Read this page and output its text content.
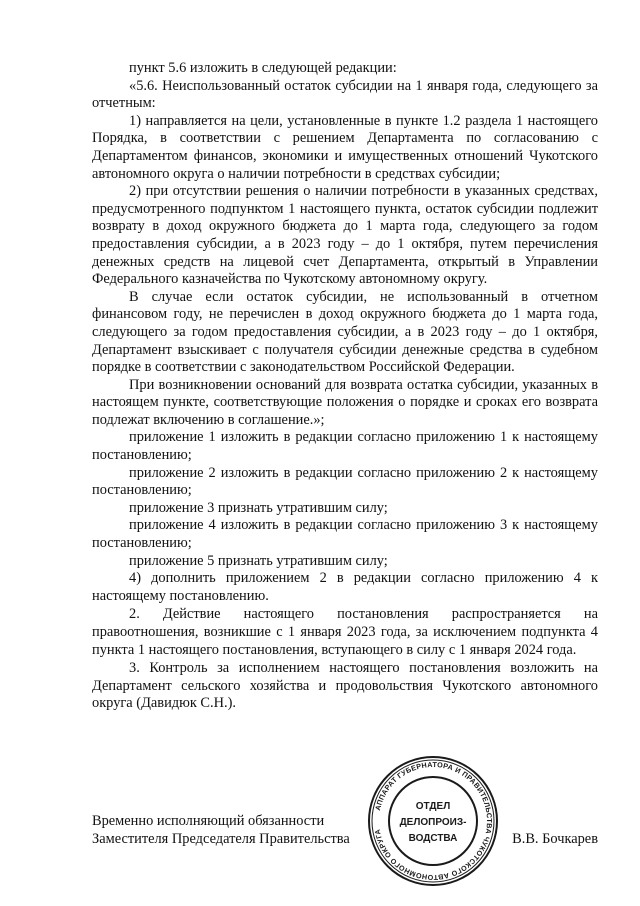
пункт 5.6 изложить в следующей редакции:

«5.6. Неиспользованный остаток субсидии на 1 января года, следующего за отчетным:

1) направляется на цели, установленные в пункте 1.2 раздела 1 настоящего Порядка, в соответствии с решением Департамента по согласованию с Департаментом финансов, экономики и имущественных отношений Чукотского автономного округа о наличии потребности в средствах субсидии;

2) при отсутствии решения о наличии потребности в указанных средствах, предусмотренного подпунктом 1 настоящего пункта, остаток субсидии подлежит возврату в доход окружного бюджета до 1 марта года, следующего за годом предоставления субсидии, а в 2023 году – до 1 октября, путем перечисления денежных средств на лицевой счет Департамента, открытый в Управлении Федерального казначейства по Чукотскому автономному округу.

В случае если остаток субсидии, не использованный в отчетном финансовом году, не перечислен в доход окружного бюджета до 1 марта года, следующего за годом предоставления субсидии, а в 2023 году – до 1 октября, Департамент взыскивает с получателя субсидии денежные средства в судебном порядке в соответствии с законодательством Российской Федерации.

При возникновении оснований для возврата остатка субсидии, указанных в настоящем пункте, соответствующие положения о порядке и сроках его возврата подлежат включению в соглашение.»;

приложение 1 изложить в редакции согласно приложению 1 к настоящему постановлению;

приложение 2 изложить в редакции согласно приложению 2 к настоящему постановлению;

приложение 3 признать утратившим силу;

приложение 4 изложить в редакции согласно приложению 3 к настоящему постановлению;

приложение 5 признать утратившим силу;

4) дополнить приложением 2 в редакции согласно приложению 4 к настоящему постановлению.

2. Действие настоящего постановления распространяется на правоотношения, возникшие с 1 января 2023 года, за исключением подпункта 4 пункта 1 настоящего постановления, вступающего в силу с 1 января 2024 года.

3. Контроль за исполнением настоящего постановления возложить на Департамент сельского хозяйства и продовольствия Чукотского автономного округа (Давидюк С.Н.).

АППАРАТ ГУБЕРНАТОРА И ПРАВИТЕЛЬСТВА ЧУКОТСКОГО АВТОНОМНОГО ОКРУГА
ОТДЕЛ
ДЕЛОПРОИЗ-
ВОДСТВА

Временно исполняющий обязанности

Заместителя Председателя Правительства	В.В. Бочкарев
